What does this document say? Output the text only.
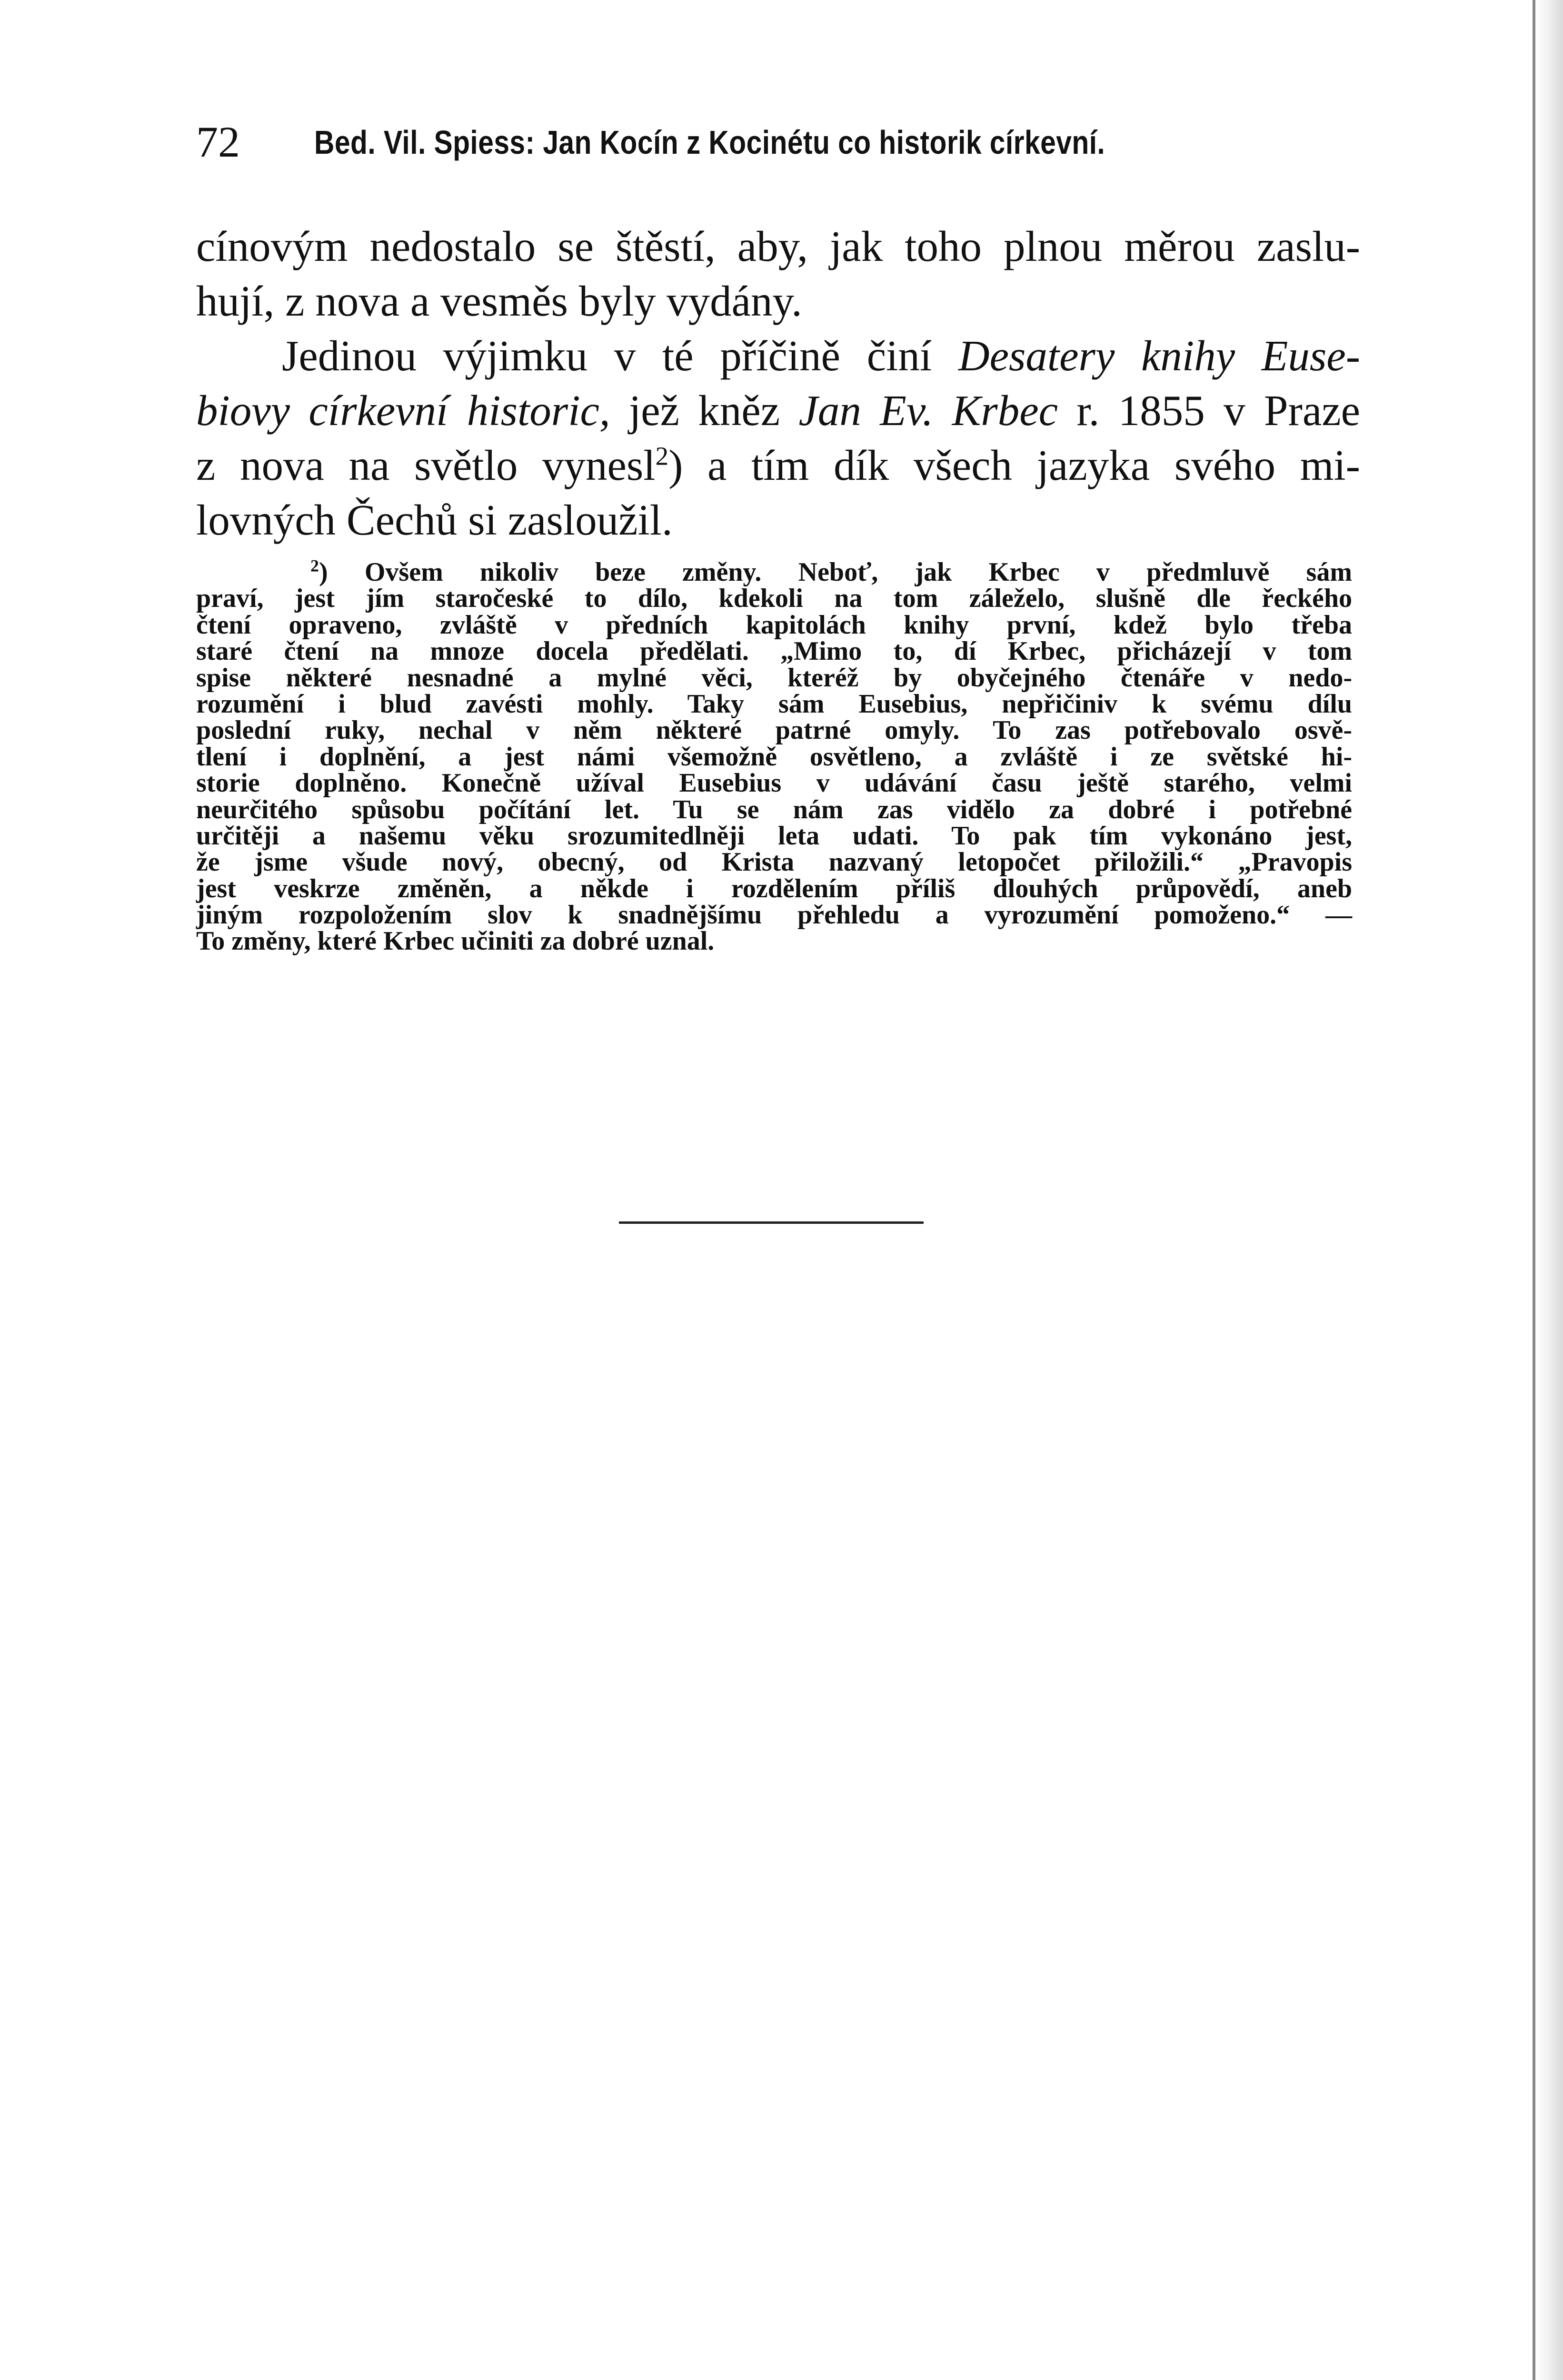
72 Bed. Vil. Spiess: Jan Kocín z Kocinétu co historik církevní.
cínovým nedostalo se štěstí, aby, jak toho plnou měrou zaslu-
hují, z nova a vesměs byly vydány.
Jedinou výjimku v té příčině činí Desatery knihy Euse-
biovy církevní historic, jež kněz Jan Ev. Krbec r. 1855 v Praze
z nova na světlo vynesl$^2$) a tím dík všech jazyka svého mi-
lovných Čechů si zasloužil.
$^2$) Ovšem nikoliv beze změny. Neboť, jak Krbec v předmluvě sám
praví, jest jím staročeské to dílo, kdekoli na tom záleželo, slušně dle řeckého
čtení opraveno, zvláště v předních kapitolách knihy první, kdež bylo třeba
staré čtení na mnoze docela předělati. „Mimo to, dí Krbec, přicházejí v tom
spise některé nesnadné a mylné věci, kteréž by obyčejného čtenáře v nedo-
rozumění i blud zavésti mohly. Taky sám Eusebius, nepřičiniv k svému dílu
poslední ruky, nechal v něm některé patrné omyly. To zas potřebovalo osvě-
tlení i doplnění, a jest námi všemožně osvětleno, a zvláště i ze světské hi-
storie doplněno. Konečně užíval Eusebius v udávání času ještě starého, velmi
neurčitého spůsobu počítání let. Tu se nám zas vidělo za dobré i potřebné
určitěji a našemu věku srozumitedlněji leta udati. To pak tím vykonáno jest,
že jsme všude nový, obecný, od Krista nazvaný letopočet přiložili.“ „Pravopis
jest veskrze změněn, a někde i rozdělením příliš dlouhých průpovědí, aneb
jiným rozpoložením slov k snadnějšímu přehledu a vyrozumění pomoženo.“ —
To změny, které Krbec učiniti za dobré uznal.
